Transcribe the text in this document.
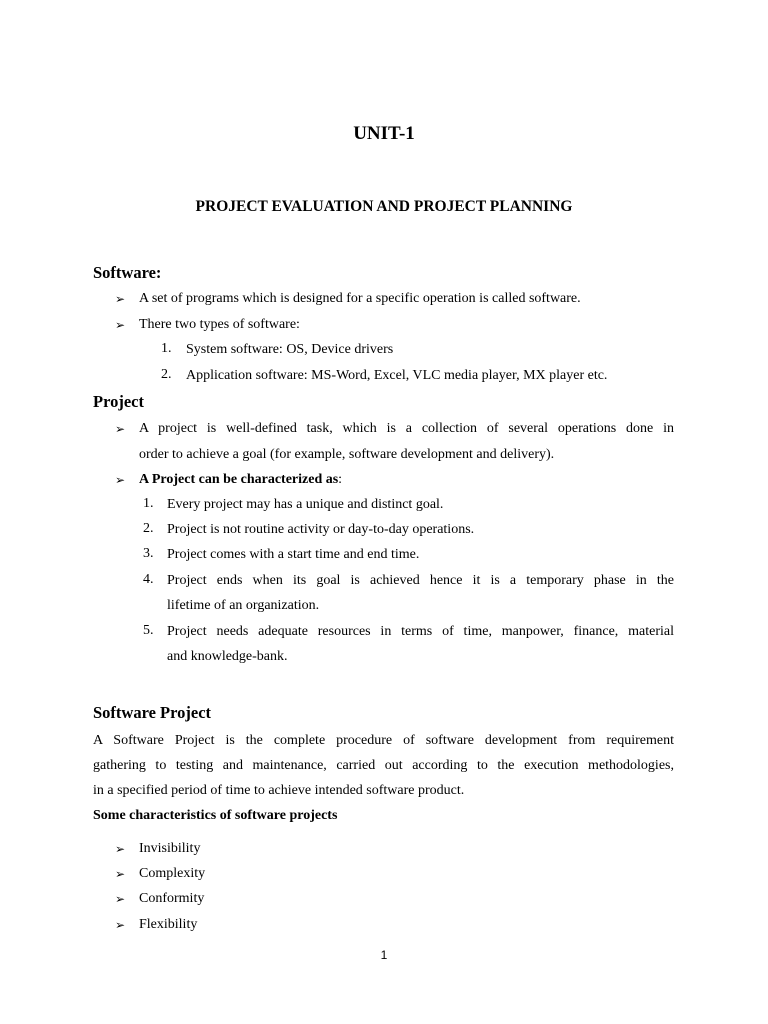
UNIT-1
PROJECT EVALUATION AND PROJECT PLANNING
Software:
➢ A set of programs which is designed for a specific operation is called software.
➢ There two types of software:
1. System software: OS, Device drivers
2. Application software: MS-Word, Excel, VLC media player, MX player etc.
Project
➢ A project is well-defined task, which is a collection of several operations done in
order to achieve a goal (for example, software development and delivery).
➢ A Project can be characterized as:
1. Every project may has a unique and distinct goal.
2. Project is not routine activity or day-to-day operations.
3. Project comes with a start time and end time.
4. Project ends when its goal is achieved hence it is a temporary phase in the
lifetime of an organization.
5. Project needs adequate resources in terms of time, manpower, finance, material
and knowledge-bank.
Software Project
A Software Project is the complete procedure of software development from requirement
gathering to testing and maintenance, carried out according to the execution methodologies,
in a specified period of time to achieve intended software product.
Some characteristics of software projects
➢ Invisibility
➢ Complexity
➢ Conformity
➢ Flexibility
1
